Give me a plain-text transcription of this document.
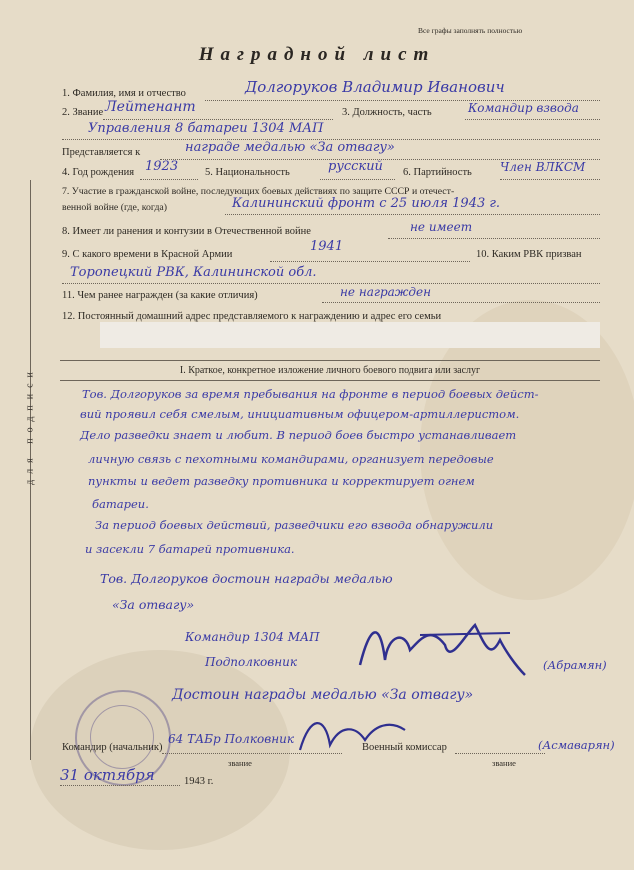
для подписи
Все графы заполнять полностью
Наградной лист
1. Фамилия, имя и отчество	Долгоруков Владимир Иванович
2. Звание Лейтенант	3. Должность, часть	Командир взвода
Управления 8 батареи 1304 МАП
Представляется к	награде медалью «За отвагу»
4. Год рождения 1923	5. Национальность	русский 6. Партийность Член ВЛКСМ
7. Участие в гражданской войне, последующих боевых действиях по защите СССР и отечест-
венной войне (где, когда)	Калининский фронт с 25 июля 1943 г.
8. Имеет ли ранения и контузии в Отечественной войне	не имеет
9. С какого времени в Красной Армии
1941
10. Каким РВК призван
Торопецкий РВК, Калининской обл.
11. Чем ранее награжден (за какие отличия)	не награжден
12. Постоянный домашний адрес представляемого к награждению и адрес его семьи
I. Краткое, конкретное изложение личного боевого подвига или заслуг
Тов. Долгоруков за время пребывания на фронте в период боевых дейст-
вий проявил себя смелым, инициативным офицером-артиллеристом.
Дело разведки знает и любит. В период боев быстро устанавливает
личную связь с пехотными командирами, организует передовые
пункты и ведет разведку противника и корректирует огнем
батареи.
За период боевых действий, разведчики его взвода обнаружили
и засекли 7 батарей противника.
Тов. Долгоруков достоин награды медалью
«За отвагу»
Командир 1304 МАП
Подполковник	(Абрамян)
Достоин награды медалью «За отвагу»
Командир (начальник)
64 ТАБр Полковник
звание
Военный комиссар	(Асмаварян)
звание
31 октября	1943 г.
